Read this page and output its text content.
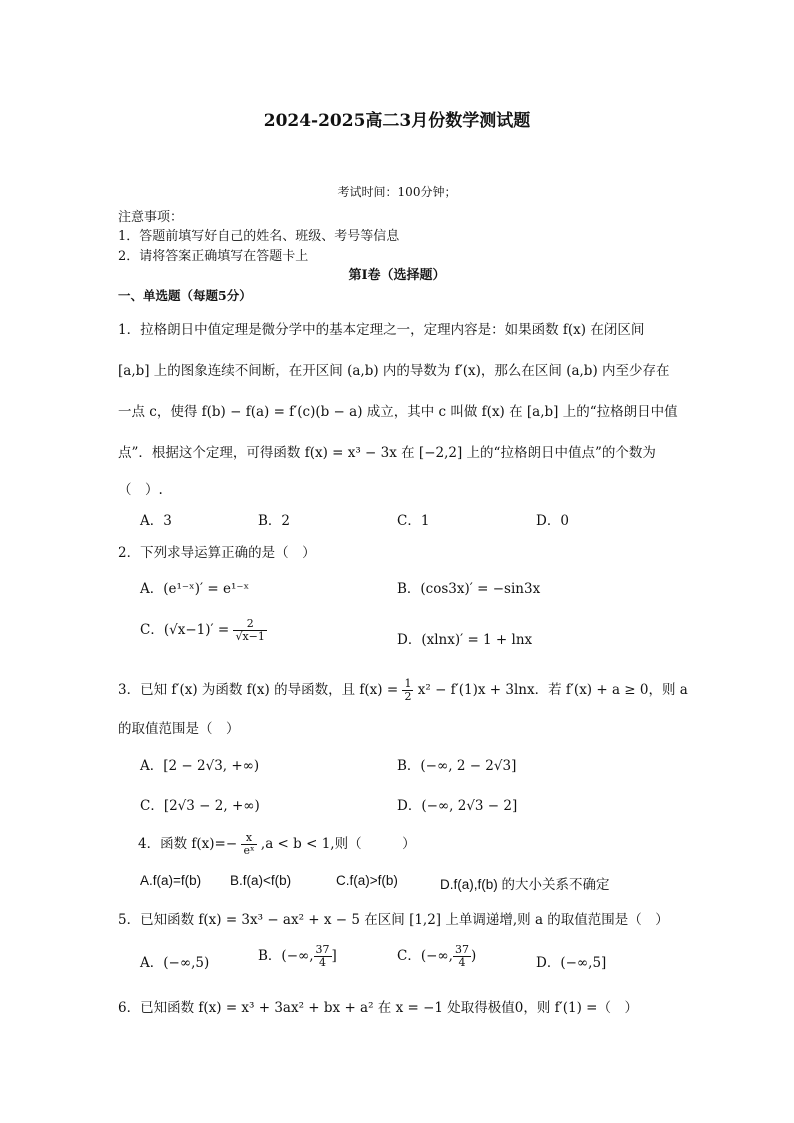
2024-2025高二3月份数学测试题
考试时间：100分钟；
注意事项：
1．答题前填写好自己的姓名、班级、考号等信息
2．请将答案正确填写在答题卡上
第I卷（选择题）
一、单选题（每题5分）
1．拉格朗日中值定理是微分学中的基本定理之一，定理内容是：如果函数 f(x) 在闭区间
[a,b] 上的图象连续不间断，在开区间 (a,b) 内的导数为 f′(x)，那么在区间 (a,b) 内至少存在
一点 c，使得 f(b) − f(a) = f′(c)(b − a) 成立，其中 c 叫做 f(x) 在 [a,b] 上的“拉格朗日中值
点”．根据这个定理，可得函数 f(x) = x³ − 3x 在 [−2,2] 上的“拉格朗日中值点”的个数为
（　）.
A．3	B．2	C．1	D．0
2．下列求导运算正确的是（　）
A．(e¹⁻ˣ)′ = e¹⁻ˣ	B．(cos3x)′ = −sin3x
C．$(√x-1)' = \frac{2}{√x-1}$	D．(xlnx)′ = 1 + lnx
3．已知 f′(x) 为函数 f(x) 的导函数，且 $f(x) = \frac{1}{2} x^2 - f'(1)x + 3\ln x$．若 f′(x) + a ≥ 0，则 a
的取值范围是（　）
A．[2 − 2√3, +∞)	B．(−∞, 2 − 2√3]
C．[2√3 − 2, +∞)	D．(−∞, 2√3 − 2]
4．函数 $f(x)=- \frac{x}{\text{eˣ}} ,a < b < 1$,则（　　　）
A.f(a)=f(b) B.f(a)<f(b)	C.f(a)>f(b)	D.f(a),f(b) 的大小关系不确定
5．已知函数 f(x) = 3x³ − ax² + x − 5 在区间 [1,2] 上单调递增,则 a 的取值范围是（　）
A．(−∞,5)	B．(−∞, $\frac{37}{4}$ ]	C．(−∞, $\frac{37}{4}$ )	D．(−∞,5]
6．已知函数 f(x) = x³ + 3ax² + bx + a² 在 x = −1 处取得极值0，则 f′(1) =（　）
